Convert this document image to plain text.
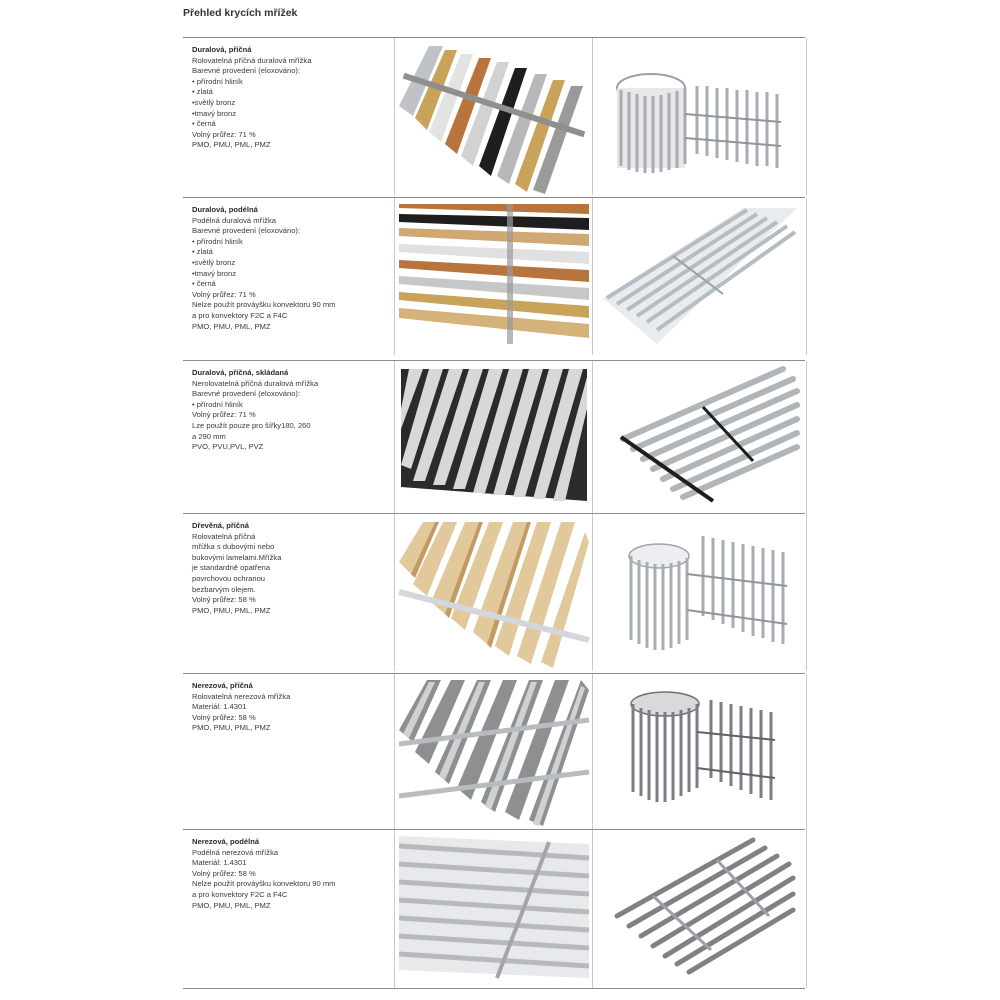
Přehled krycích mřížek
Duralová, příčná
Rolovatelná příčná duralová mřížka
Barevné provedení (eloxováno):
• přírodní hliník
• zlatá
•světlý bronz
•tmavý bronz
• černá
Volný průřez: 71 %
PMO, PMU, PML, PMZ
Duralová, podélná
Podélná duralová mřížka
Barevné provedení (eloxováno):
• přírodní hliník
• zlatá
•světlý bronz
•tmavý bronz
• černá
Volný průřez: 71 %
Nelze použít prováyšku konvektoru 90 mm
a pro konvektory F2C a F4C
PMO, PMU, PML, PMZ
Duralová, příčná, skládaná
Nerolovatelná příčná duralová mřížka
Barevné provedení (eloxováno):
• přírodní hliník
Volný průřez: 71 %
Lze použít pouze pro šířky180, 260
a 290 mm
PVO, PVU,PVL, PVZ
Dřevěná, příčná
Rolovatelná příčná
mřížka s dubovými nebo
bukovými lamelami.Mřížka
je standardně opatřena
povrchovou ochranou
bezbarvým olejem.
Volný průřez: 58 %
PMO, PMU, PML, PMZ
Nerezová, příčná
Rolovatelná nerezová mřížka
Materiál: 1.4301
Volný průřez: 58 %
PMO, PMU, PML, PMZ
Nerezová, podélná
Podélná nerezová mřížka
Materiál: 1.4301
Volný průřez: 58 %
Nelze použít prováyšku konvektoru 90 mm
a pro konvektory F2C a F4C
PMO, PMU, PML, PMZ
